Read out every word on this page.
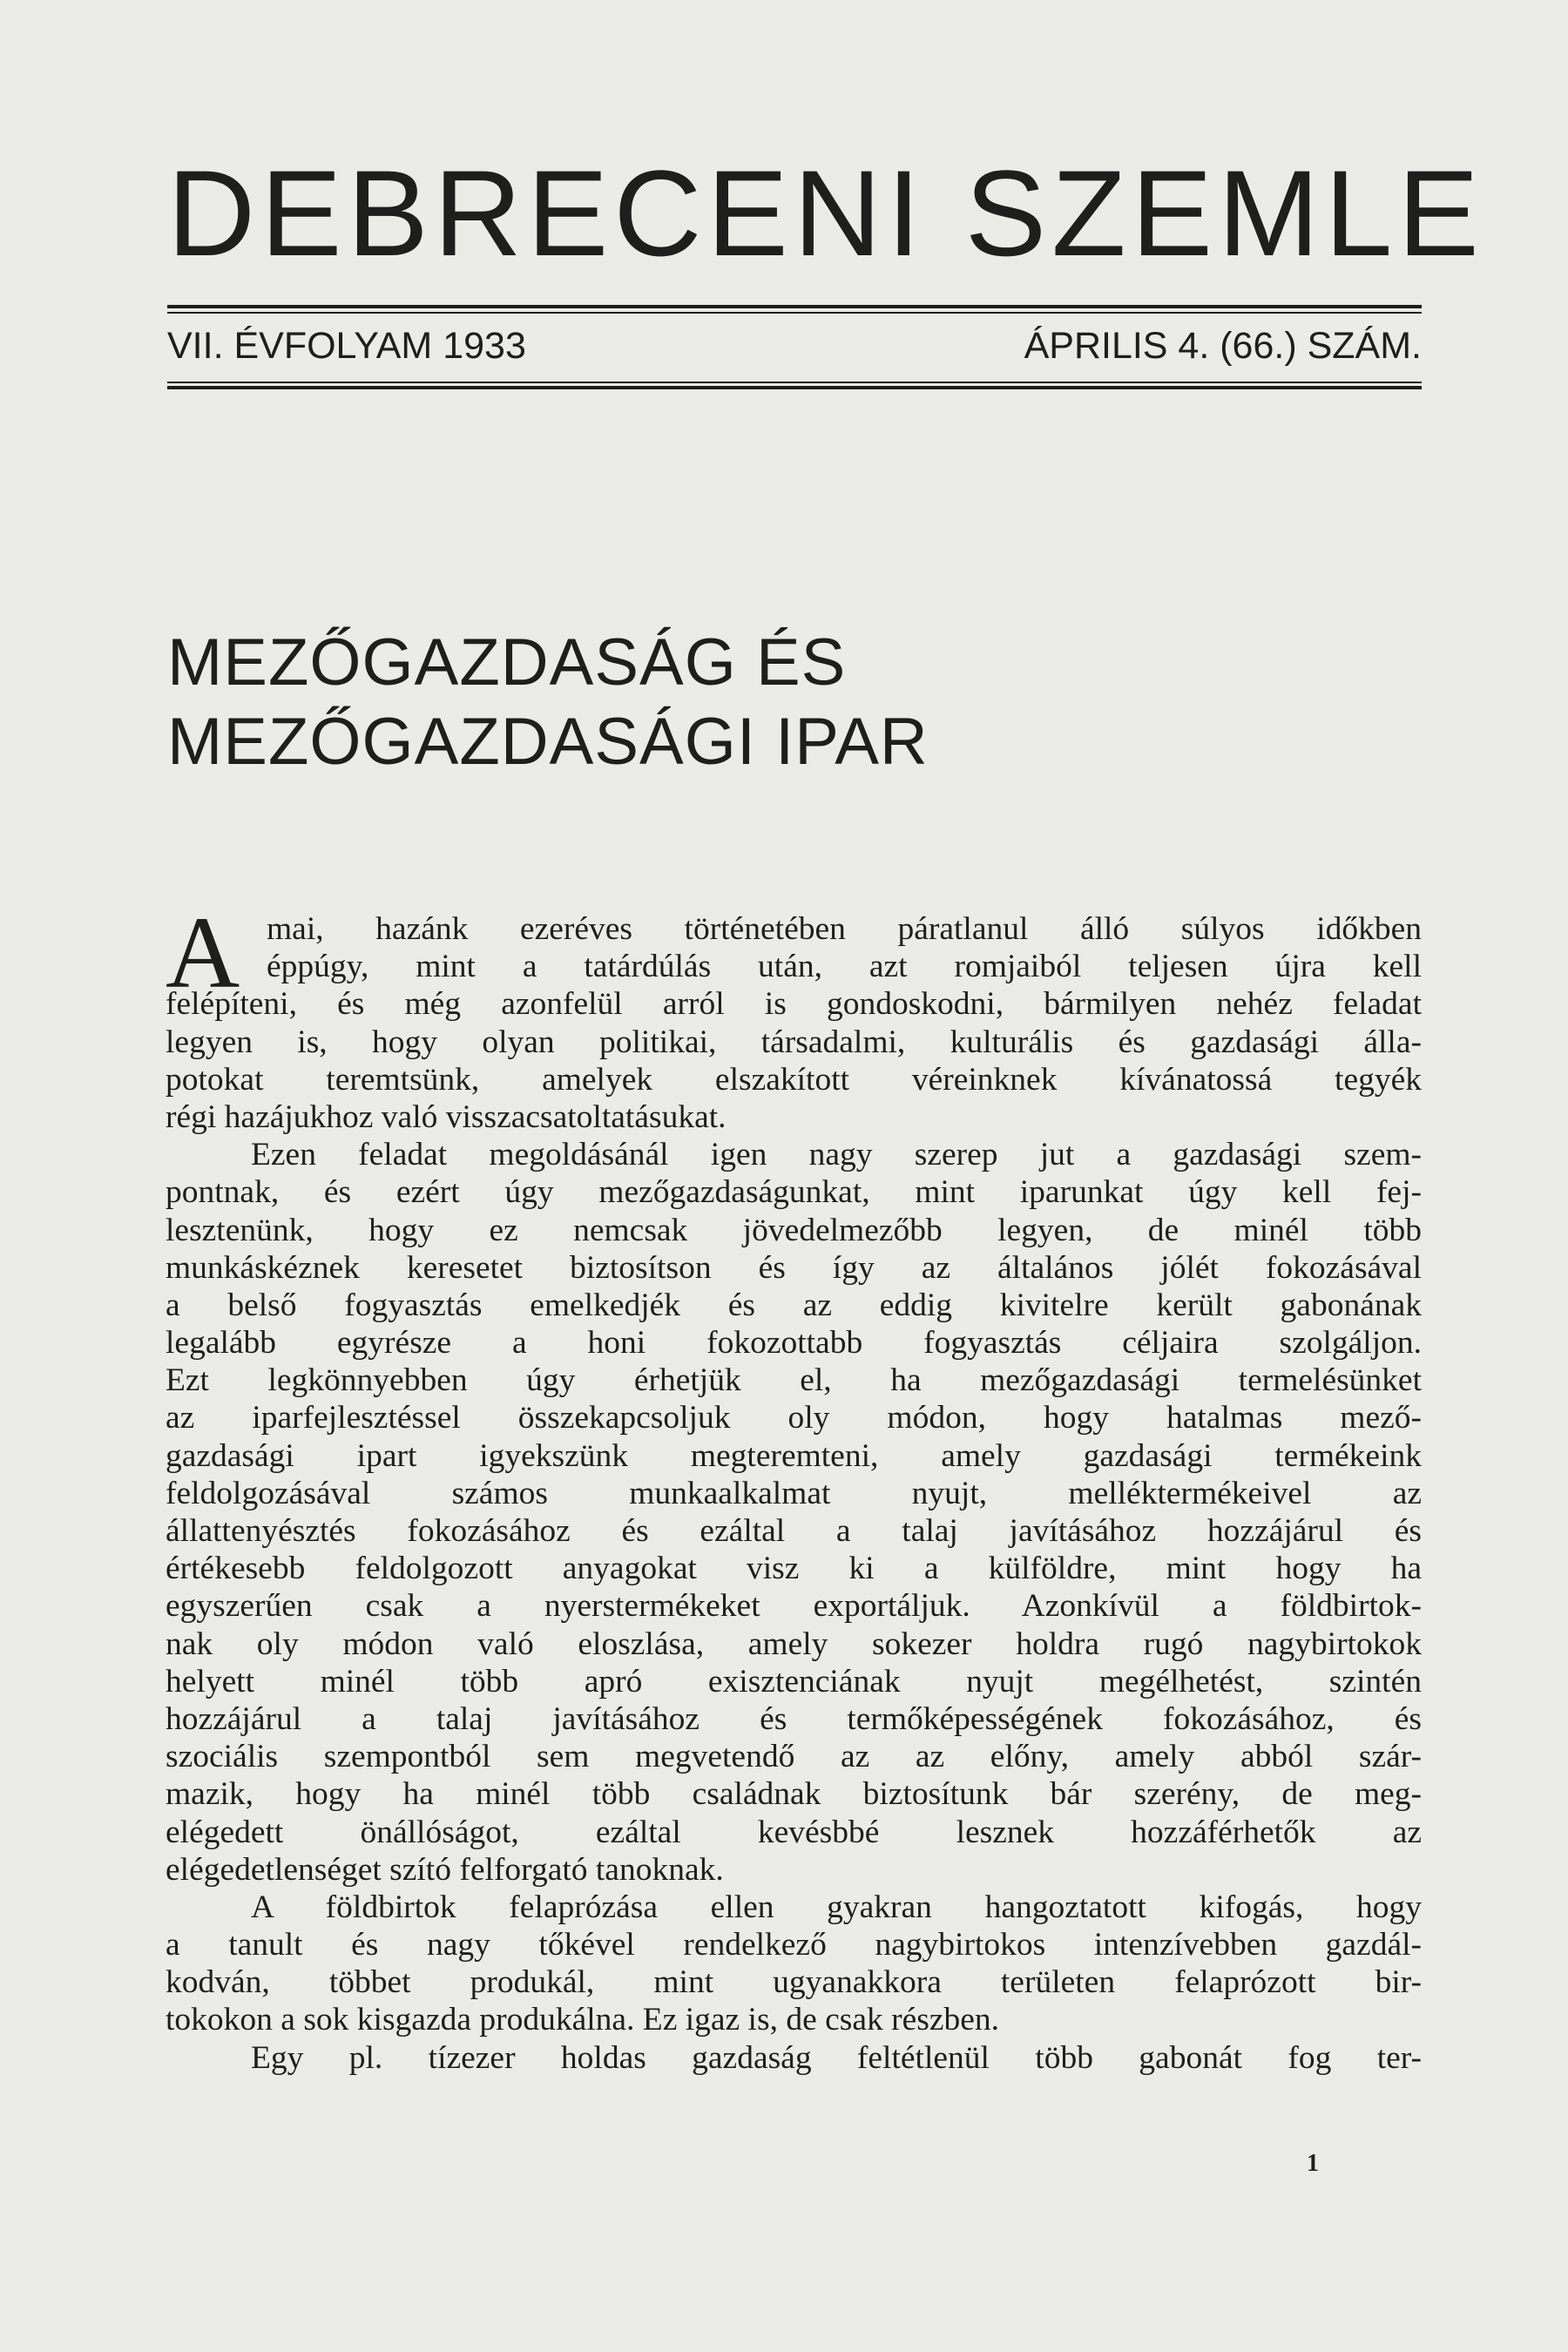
DEBRECENI SZEMLE
VII. ÉVFOLYAM 1933	ÁPRILIS 4. (66.) SZÁM.
MEZŐGAZDASÁG ÉS
MEZŐGAZDASÁGI IPAR
A mai, hazánk ezeréves történetében páratlanul álló súlyos időkben
éppúgy, mint a tatárdúlás után, azt romjaiból teljesen újra kell
felépíteni, és még azonfelül arról is gondoskodni, bármilyen nehéz feladat
legyen is, hogy olyan politikai, társadalmi, kulturális és gazdasági álla-
potokat teremtsünk, amelyek elszakított véreinknek kívánatossá tegyék
régi hazájukhoz való visszacsatoltatásukat.
Ezen feladat megoldásánál igen nagy szerep jut a gazdasági szem-
pontnak, és ezért úgy mezőgazdaságunkat, mint iparunkat úgy kell fej-
lesztenünk, hogy ez nemcsak jövedelmezőbb legyen, de minél több
munkáskéznek keresetet biztosítson és így az általános jólét fokozásával
a belső fogyasztás emelkedjék és az eddig kivitelre került gabonának
legalább egyrésze a honi fokozottabb fogyasztás céljaira szolgáljon.
Ezt legkönnyebben úgy érhetjük el, ha mezőgazdasági termelésünket
az iparfejlesztéssel összekapcsoljuk oly módon, hogy hatalmas mező-
gazdasági ipart igyekszünk megteremteni, amely gazdasági termékeink
feldolgozásával számos munkaalkalmat nyujt, melléktermékeivel az
állattenyésztés fokozásához és ezáltal a talaj javításához hozzájárul és
értékesebb feldolgozott anyagokat visz ki a külföldre, mint hogy ha
egyszerűen csak a nyerstermékeket exportáljuk. Azonkívül a földbirtok-
nak oly módon való eloszlása, amely sokezer holdra rugó nagybirtokok
helyett minél több apró exisztenciának nyujt megélhetést, szintén
hozzájárul a talaj javításához és termőképességének fokozásához, és
szociális szempontból sem megvetendő az az előny, amely abból szár-
mazik, hogy ha minél több családnak biztosítunk bár szerény, de meg-
elégedett önállóságot, ezáltal kevésbbé lesznek hozzáférhetők az
elégedetlenséget szító felforgató tanoknak.
A földbirtok felaprózása ellen gyakran hangoztatott kifogás, hogy
a tanult és nagy tőkével rendelkező nagybirtokos intenzívebben gazdál-
kodván, többet produkál, mint ugyanakkora területen felaprózott bir-
tokokon a sok kisgazda produkálna. Ez igaz is, de csak részben.
Egy pl. tízezer holdas gazdaság feltétlenül több gabonát fog ter-
1
